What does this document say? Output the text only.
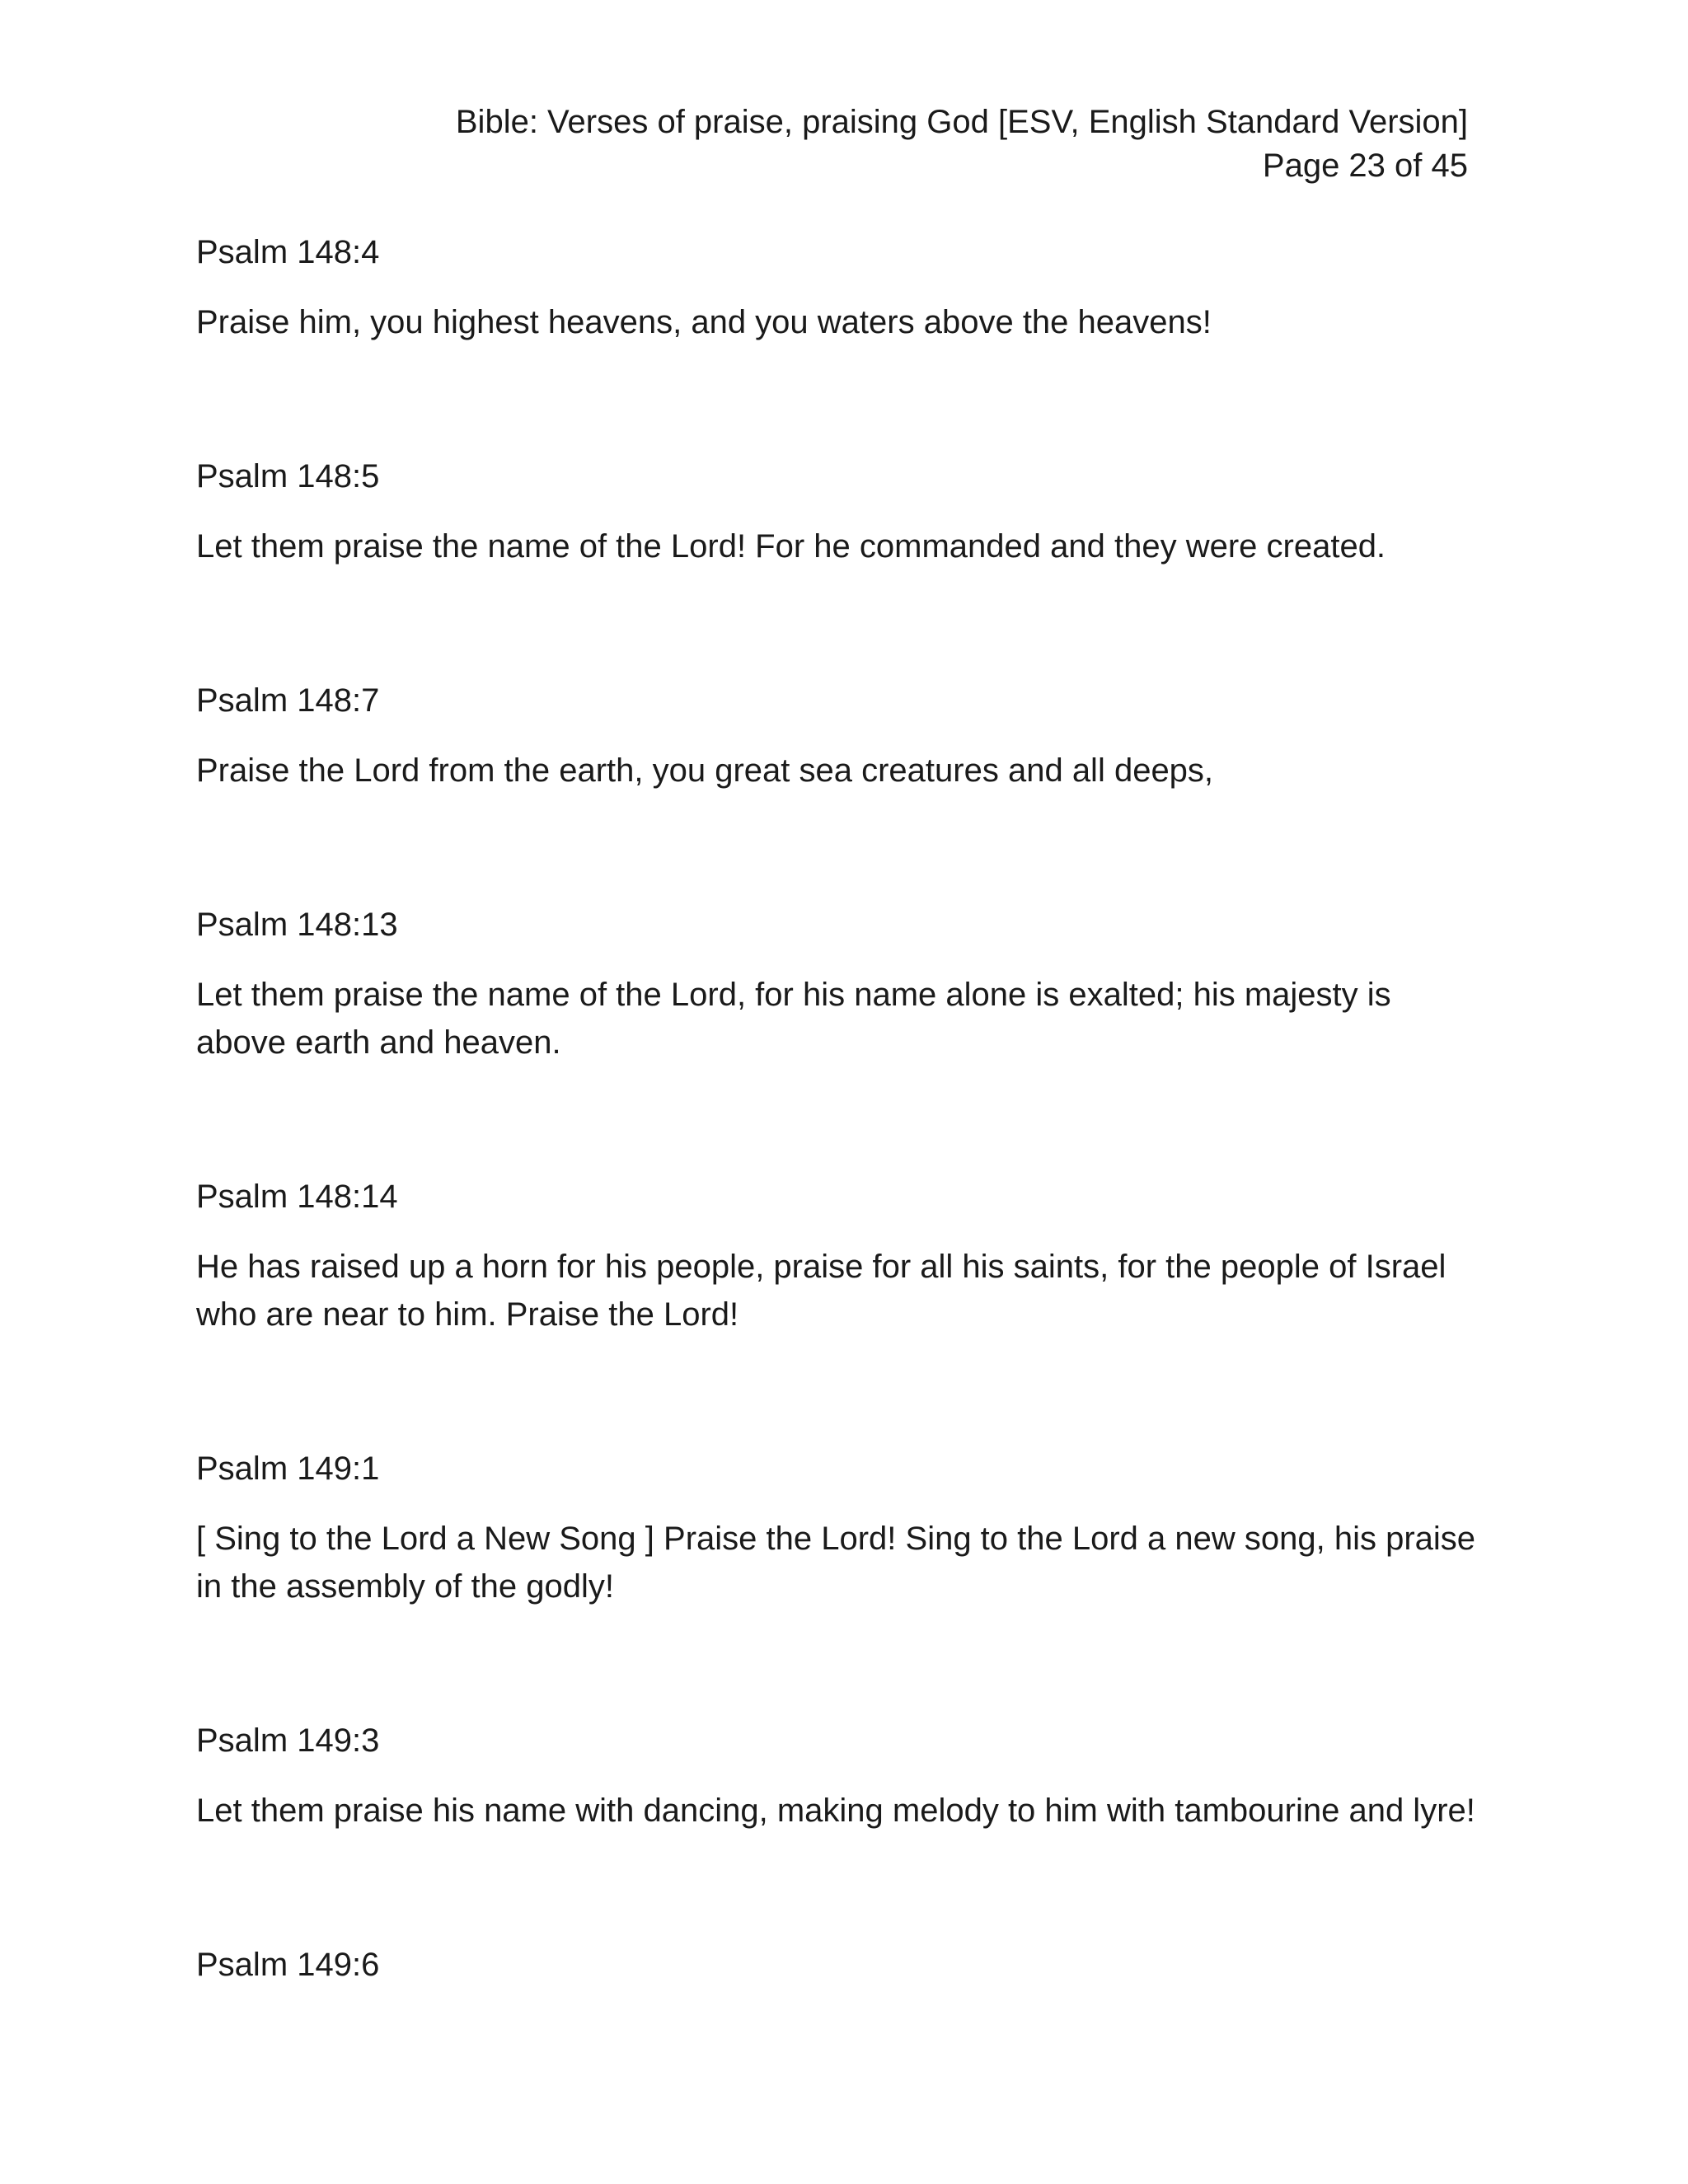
Bible: Verses of praise, praising God [ESV, English Standard Version]
Page 23 of 45

Psalm 148:4

Praise him, you highest heavens, and you waters above the heavens!

Psalm 148:5

Let them praise the name of the Lord! For he commanded and they were created.

Psalm 148:7

Praise the Lord from the earth, you great sea creatures and all deeps,

Psalm 148:13

Let them praise the name of the Lord, for his name alone is exalted; his majesty is above earth and heaven.

Psalm 148:14

He has raised up a horn for his people, praise for all his saints, for the people of Israel who are near to him. Praise the Lord!

Psalm 149:1

[ Sing to the Lord a New Song ] Praise the Lord! Sing to the Lord a new song, his praise in the assembly of the godly!

Psalm 149:3

Let them praise his name with dancing, making melody to him with tambourine and lyre!

Psalm 149:6
